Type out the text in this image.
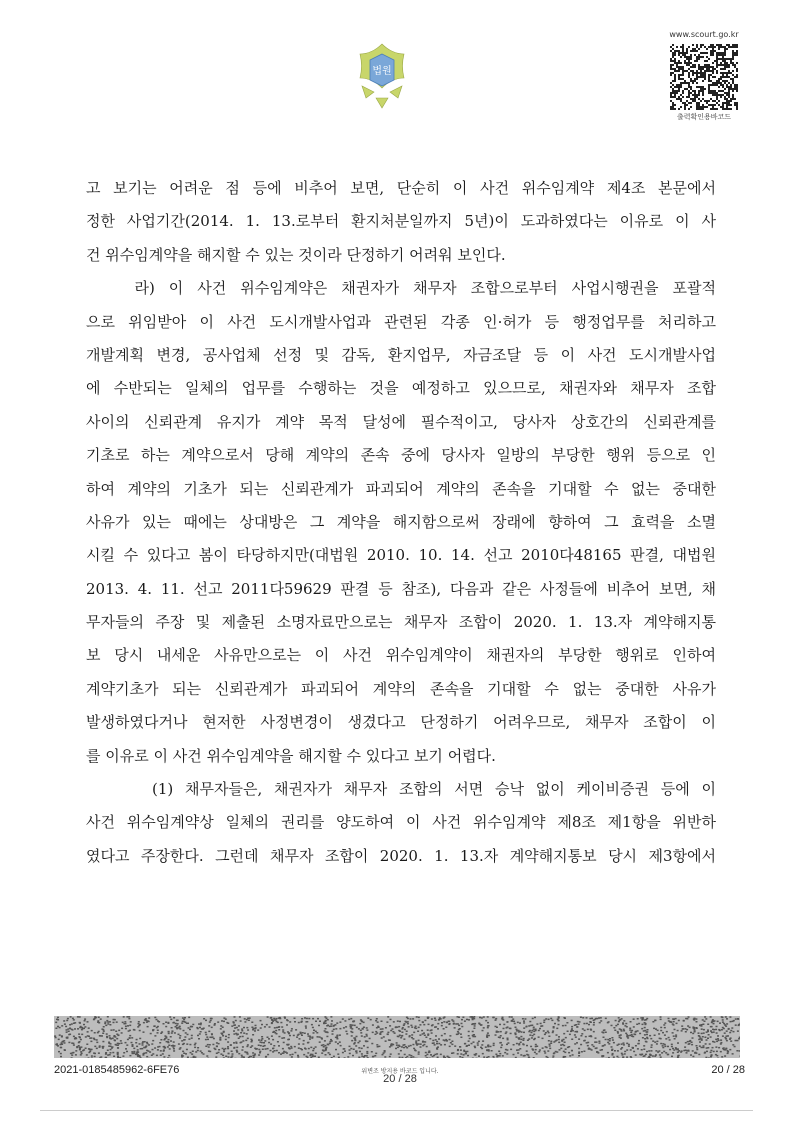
법원
www.scourt.go.kr
출력확인용바코드
고 보기는 어려운 점 등에 비추어 보면, 단순히 이 사건 위수임계약 제4조 본문에서
정한 사업기간(2014. 1. 13.로부터 환지처분일까지 5년)이 도과하였다는 이유로 이 사
건 위수임계약을 해지할 수 있는 것이라 단정하기 어려워 보인다.
　　라) 이 사건 위수임계약은 채권자가 채무자 조합으로부터 사업시행권을 포괄적
으로 위임받아 이 사건 도시개발사업과 관련된 각종 인·허가 등 행정업무를 처리하고
개발계획 변경, 공사업체 선정 및 감독, 환지업무, 자금조달 등 이 사건 도시개발사업
에 수반되는 일체의 업무를 수행하는 것을 예정하고 있으므로, 채권자와 채무자 조합
사이의 신뢰관계 유지가 계약 목적 달성에 필수적이고, 당사자 상호간의 신뢰관계를
기초로 하는 계약으로서 당해 계약의 존속 중에 당사자 일방의 부당한 행위 등으로 인
하여 계약의 기초가 되는 신뢰관계가 파괴되어 계약의 존속을 기대할 수 없는 중대한
사유가 있는 때에는 상대방은 그 계약을 해지함으로써 장래에 향하여 그 효력을 소멸
시킬 수 있다고 봄이 타당하지만(대법원 2010. 10. 14. 선고 2010다48165 판결, 대법원
2013. 4. 11. 선고 2011다59629 판결 등 참조), 다음과 같은 사정들에 비추어 보면, 채
무자들의 주장 및 제출된 소명자료만으로는 채무자 조합이 2020. 1. 13.자 계약해지통
보 당시 내세운 사유만으로는 이 사건 위수임계약이 채권자의 부당한 행위로 인하여
계약기초가 되는 신뢰관계가 파괴되어 계약의 존속을 기대할 수 없는 중대한 사유가
발생하였다거나 현저한 사정변경이 생겼다고 단정하기 어려우므로, 채무자 조합이 이
를 이유로 이 사건 위수임계약을 해지할 수 있다고 보기 어렵다.
　　　(1) 채무자들은, 채권자가 채무자 조합의 서면 승낙 없이 케이비증권 등에 이
사건 위수임계약상 일체의 권리를 양도하여 이 사건 위수임계약 제8조 제1항을 위반하
였다고 주장한다. 그런데 채무자 조합이 2020. 1. 13.자 계약해지통보 당시 제3항에서
2021-0185485962-6FE76	위변조 방지용 바코드 입니다.
20 / 28
20 / 28
